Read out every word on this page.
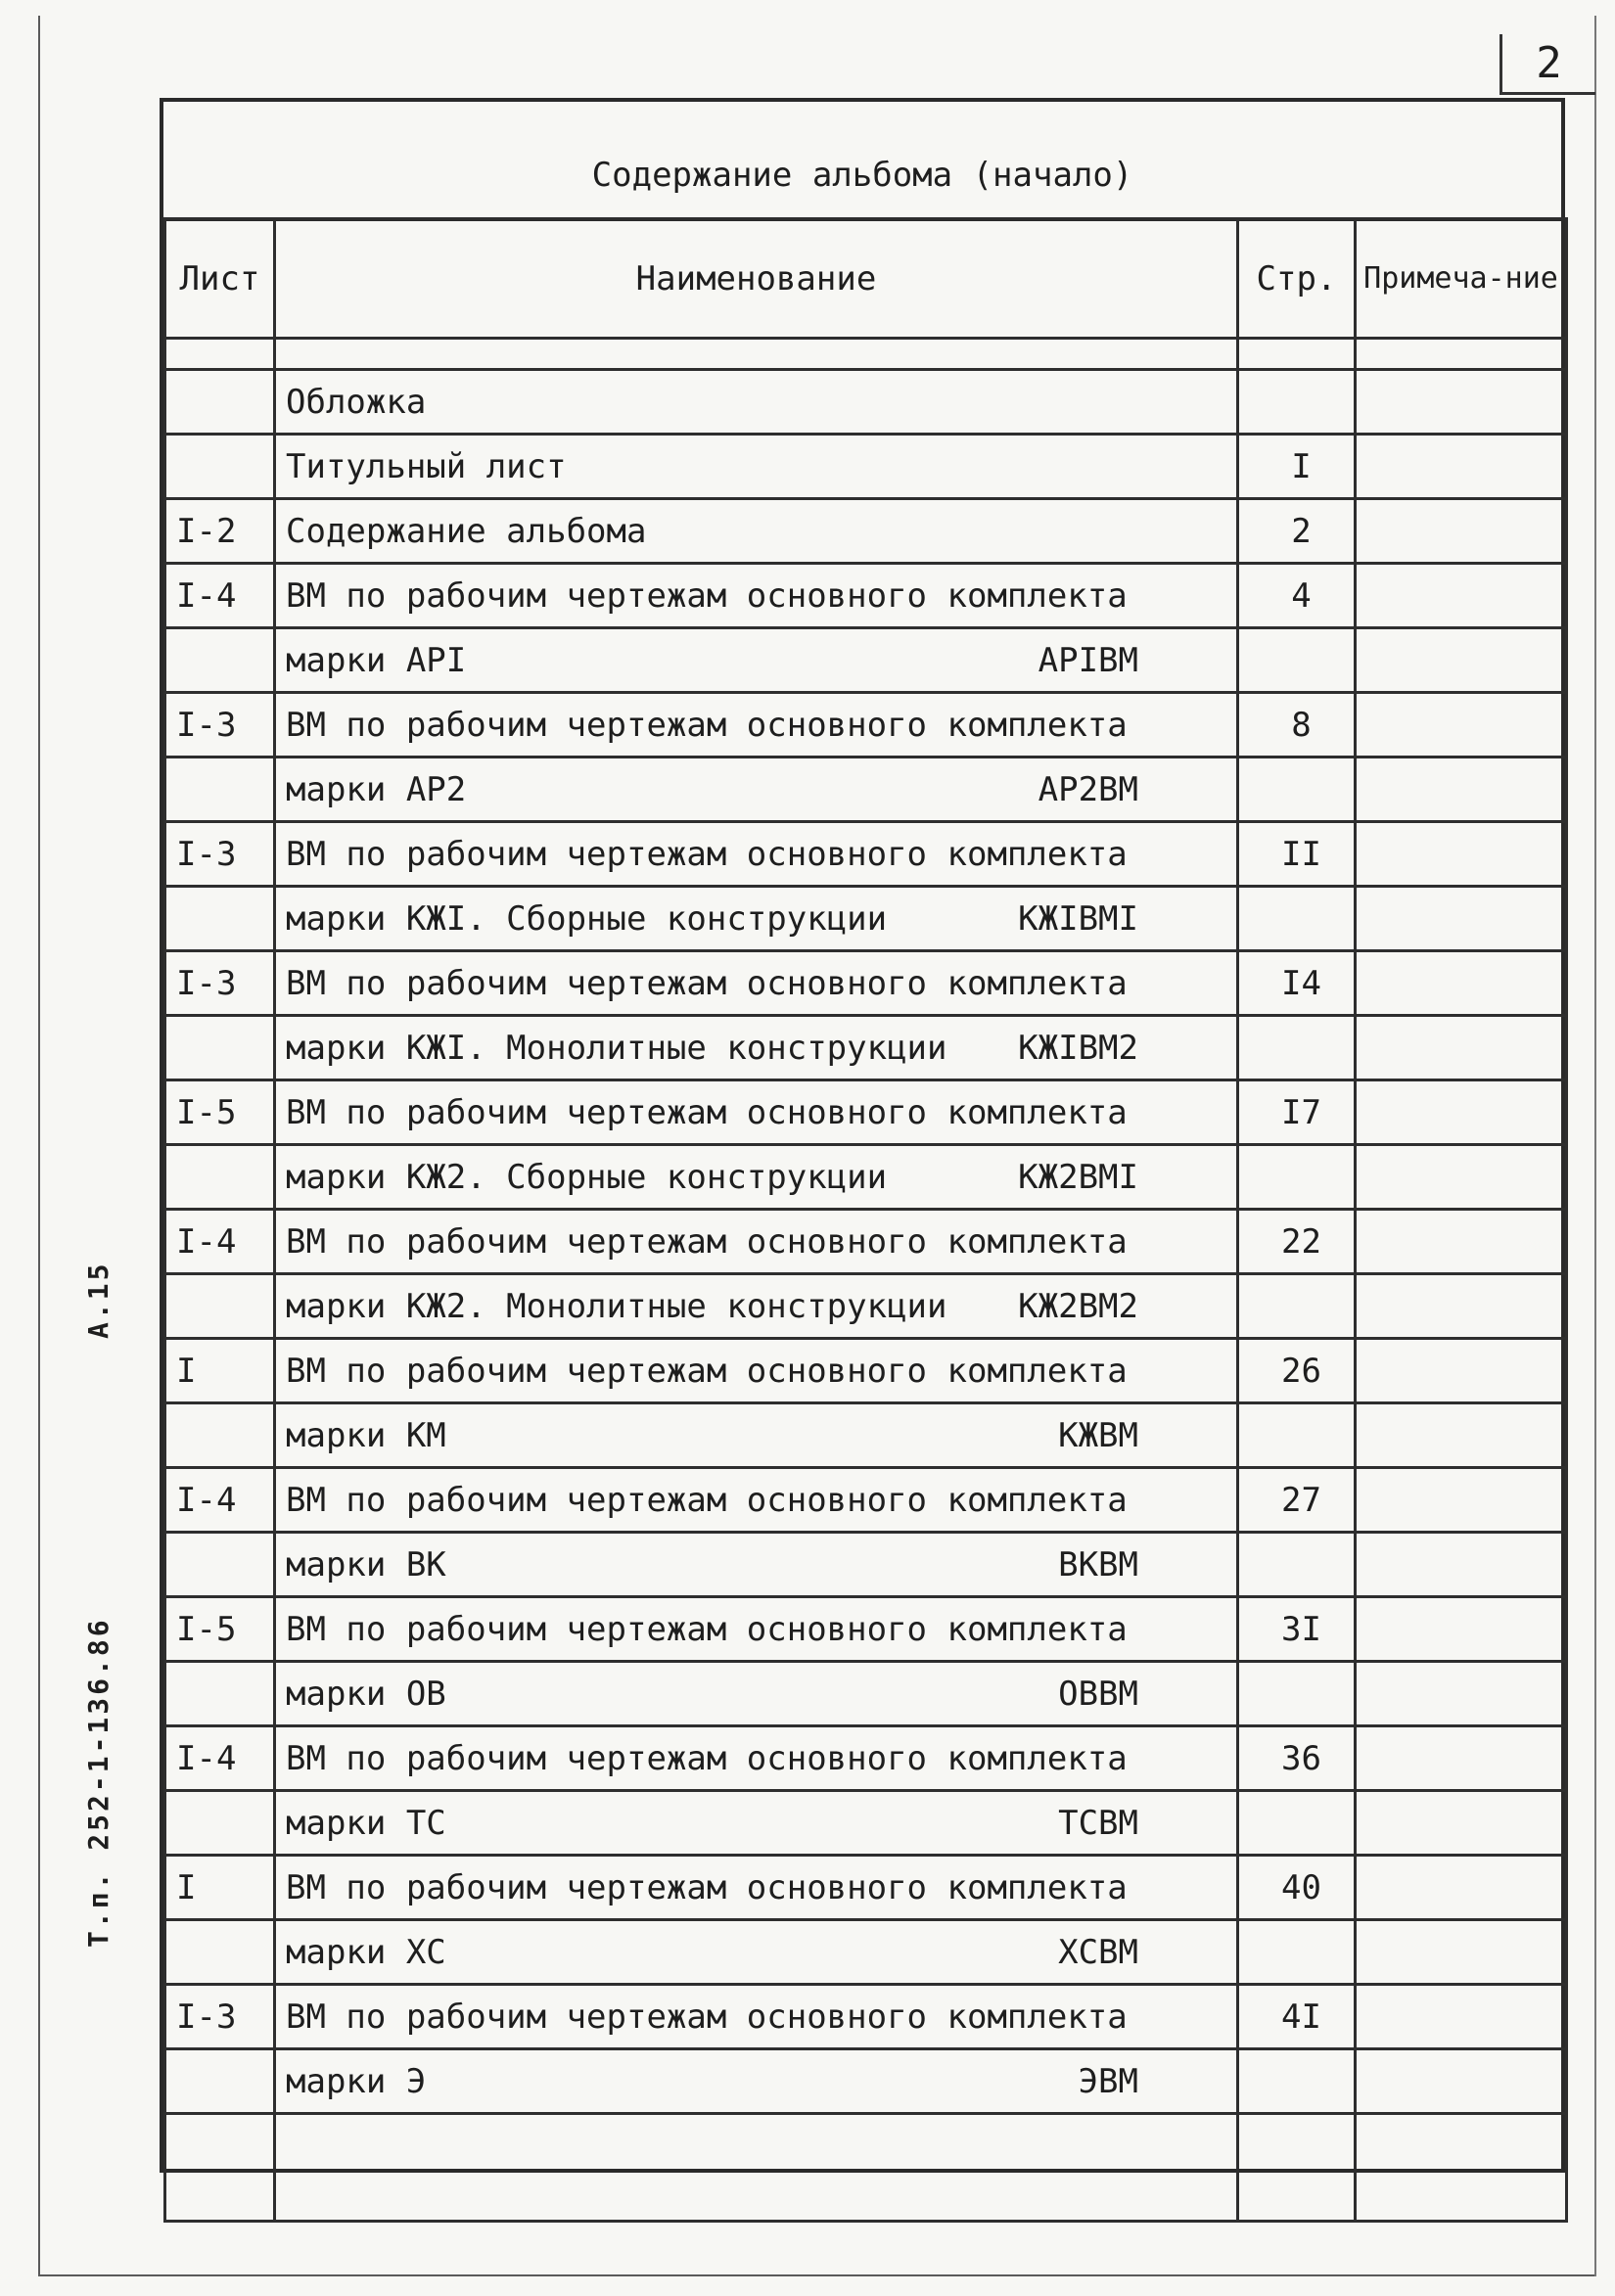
2
А.15
Т.п. 252-1-136.86
Содержание альбома (начало)
Лист	Наименование	Стр.	Примеча-ние

	Обложка		
	Титульный лист	I	
I-2	Содержание альбома	2	
I-4	ВМ по рабочим чертежам основного комплекта	4	
	марки АРI АРIВМ		

I-3	ВМ по рабочим чертежам основного комплекта	8	
	марки АР2 АР2ВМ		

I-3	ВМ по рабочим чертежам основного комплекта	II	
	марки КЖI. Сборные конструкции КЖIВМI		

I-3	ВМ по рабочим чертежам основного комплекта	I4	
	марки КЖI. Монолитные конструкции КЖIВМ2		

I-5	ВМ по рабочим чертежам основного комплекта	I7	
	марки КЖ2. Сборные конструкции КЖ2ВМI		

I-4	ВМ по рабочим чертежам основного комплекта	22	
	марки КЖ2. Монолитные конструкции КЖ2ВМ2		

I	ВМ по рабочим чертежам основного комплекта	26	
	марки КМ КЖВМ		

I-4	ВМ по рабочим чертежам основного комплекта	27	
	марки ВК ВКВМ		

I-5	ВМ по рабочим чертежам основного комплекта	3I	
	марки ОВ ОВВМ		

I-4	ВМ по рабочим чертежам основного комплекта	36	
	марки ТС ТСВМ		

I	ВМ по рабочим чертежам основного комплекта	40	
	марки ХС ХСВМ		

I-3	ВМ по рабочим чертежам основного комплекта	4I	
	марки Э ЭВМ		
